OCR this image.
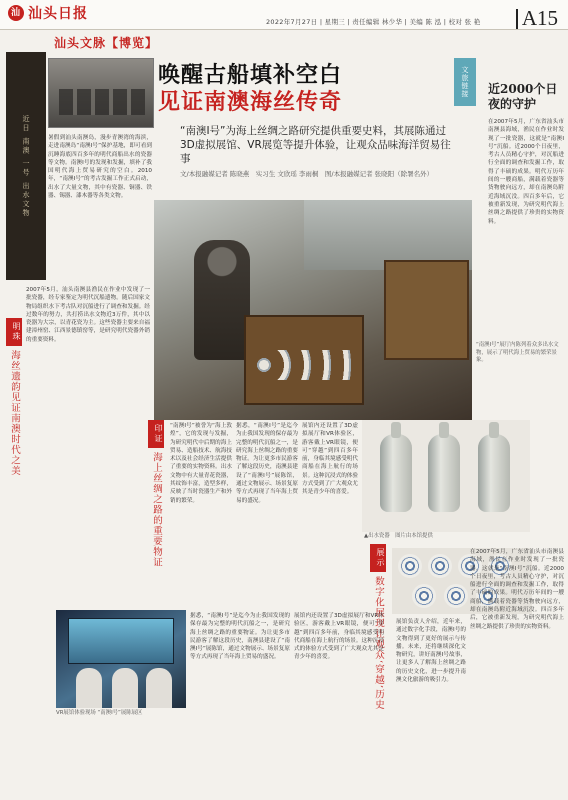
汕 汕头日报	2022年7月27日 | 星期三 | 责任编辑 林少华 | 美编 陈 泓 | 校对 张 艳 A15
汕头文脉【博览】
近日 南澳 一号 出水文物
唤醒古船填补空白
见证南澳海丝传奇
文旅链接
“南澳Ⅰ号”为海上丝绸之路研究提供重要史料，其展陈通过3D虚拟展馆、VR展览等提升体验，让观众品味海洋贸易往事
文/本报融媒记者 陈晓燕　实习生 文欣瑶 李雨桐　图/本报融媒记者 张晓阳（除署名外）
近2000个日夜的守护
在2007年5月，广东省汕头市南澳县海域，渔民在作业时发现了一批瓷器，这就是“南澳Ⅰ号”沉船。近2000个日夜里，考古人员精心守护，对沉船进行全面的调查和发掘工作，取得了丰硕的成果。明代万历年间的一艘商船，满载着瓷器等货物驶向远方，却在南澳岛附近海域沉没。四百多年后，它被重新发现，为研究明代海上丝绸之路提供了珍贵的实物资料。
暑假到汕头南澳岛，漫步青澳湾的海滨，走进南澳岛“南澳Ⅰ号”保护基地，即可看到沉睡海底四百多年的明代商船出水的瓷器等文物。南澳Ⅰ号的发现和发掘，填补了我国明代海上贸易研究的空白。2010年，“南澳Ⅰ号”的考古发掘工作正式启动，出水了大量文物，其中有瓷器、铜器、铁器、锡器、漆木器等各类文物。
“南澳Ⅰ号”展厅内陈列着众多出水文物，展示了明代海上贸易的繁荣景象。
明珠
海丝遗韵见证南澳时代之美
2007年5月，汕头南澳县渔民在作业中发现了一批瓷器，经专家鉴定为明代沉船遗物。随后国家文物局组织水下考古队对沉船进行了调查和发掘。经过数年的努力，共打捞出水文物近3万件，其中以瓷器为大宗，以青花瓷为主。这些瓷器主要来自福建漳州窑、江西景德镇窑等，是研究明代瓷器外销的重要资料。
印证
海上丝绸之路的重要物证
“南澳Ⅰ号”被誉为“海上敦煌”，它的发现与发掘，为研究明代中后期的海上贸易、造船技术、航海技术以及社会经济生活提供了重要的实物资料。出水文物中有大量青花瓷器，其纹饰丰富，造型多样，反映了当时瓷器生产和外销的繁荣。
据悉，“南澳Ⅰ号”是迄今为止我国发现的保存最为完整的明代沉船之一，是研究海上丝绸之路的重要物证。为让更多市民游客了解这段历史，南澳县建设了“南澳Ⅰ号”展陈馆，通过文物展示、场景复原等方式再现了当年海上贸易的盛况。
展馆内还设置了3D虚拟展厅和VR体验区，游客戴上VR眼镜，便可“穿越”到四百多年前，身临其境感受明代商船在海上航行的场景。这种沉浸式的体验方式受到了广大观众尤其是青少年的喜爱。
▲出水瓷器　图片由本馆提供
展示
数字化展现让观众‘穿越’历史
VR展馆体验现场 “南澳Ⅰ号”展陈展区
据悉，“南澳Ⅰ号”是迄今为止我国发现的保存最为完整的明代沉船之一，是研究海上丝绸之路的重要物证。为让更多市民游客了解这段历史，南澳县建设了“南澳Ⅰ号”展陈馆，通过文物展示、场景复原等方式再现了当年海上贸易的盛况。
展馆内还设置了3D虚拟展厅和VR体验区，游客戴上VR眼镜，便可“穿越”到四百多年前，身临其境感受明代商船在海上航行的场景。这种沉浸式的体验方式受到了广大观众尤其是青少年的喜爱。
展馆负责人介绍，近年来，通过数字化手段，南澳Ⅰ号的文物得到了更好的展示与传播。未来，还将继续深化文物研究，讲好南澳Ⅰ号故事，让更多人了解海上丝绸之路的历史文化，进一步提升南澳文化旅游的吸引力。
在2007年5月，广东省汕头市南澳县海域，渔民在作业时发现了一批瓷器，这就是“南澳Ⅰ号”沉船。近2000个日夜里，考古人员精心守护，对沉船进行全面的调查和发掘工作，取得了丰硕的成果。明代万历年间的一艘商船，满载着瓷器等货物驶向远方，却在南澳岛附近海域沉没。四百多年后，它被重新发现，为研究明代海上丝绸之路提供了珍贵的实物资料。
